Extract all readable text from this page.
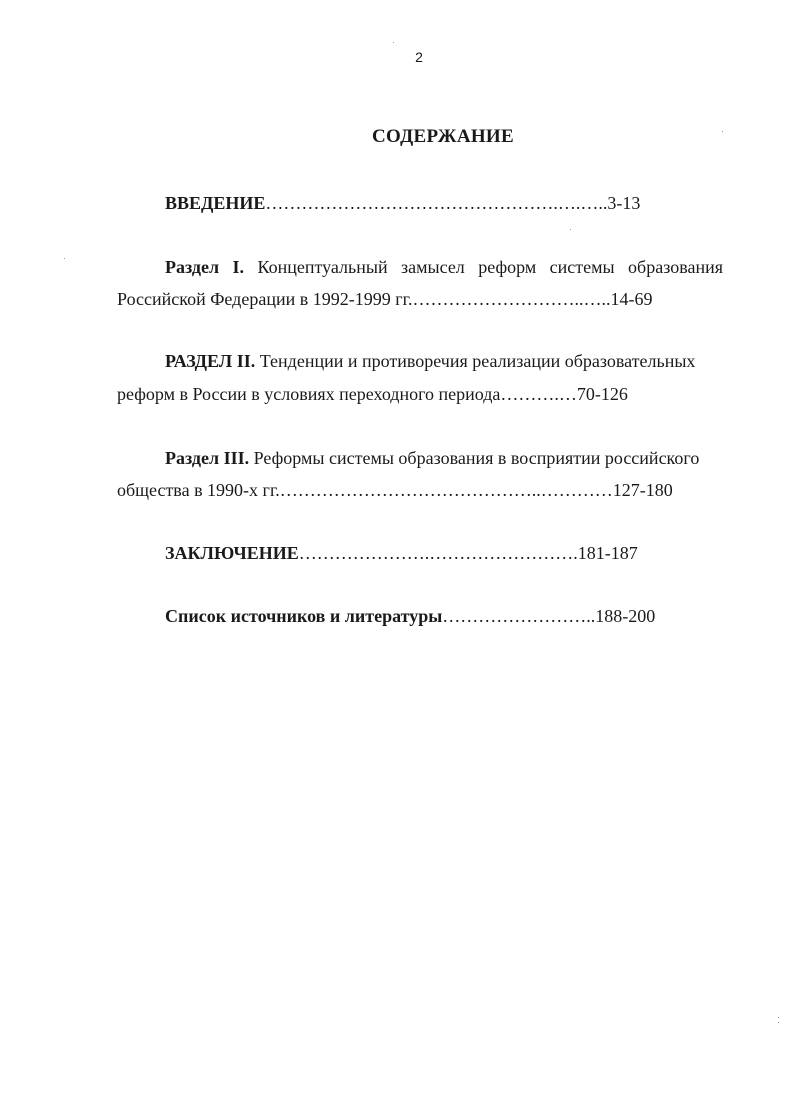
2
СОДЕРЖАНИЕ
ВВЕДЕНИЕ………………………………………….….…..3-13
Раздел I. Концептуальный замысел реформ системы образования
Российской Федерации в 1992-1999 гг.………………………..…..14-69
РАЗДЕЛ II. Тенденции и противоречия реализации образовательных
реформ в России в условиях переходного периода……….…70-126
Раздел III. Реформы системы образования в восприятии российского
общества в 1990-х гг.……………………………………..…………127-180
ЗАКЛЮЧЕНИЕ………………….…………………….181-187
Список источников и литературы……………………..188-200
